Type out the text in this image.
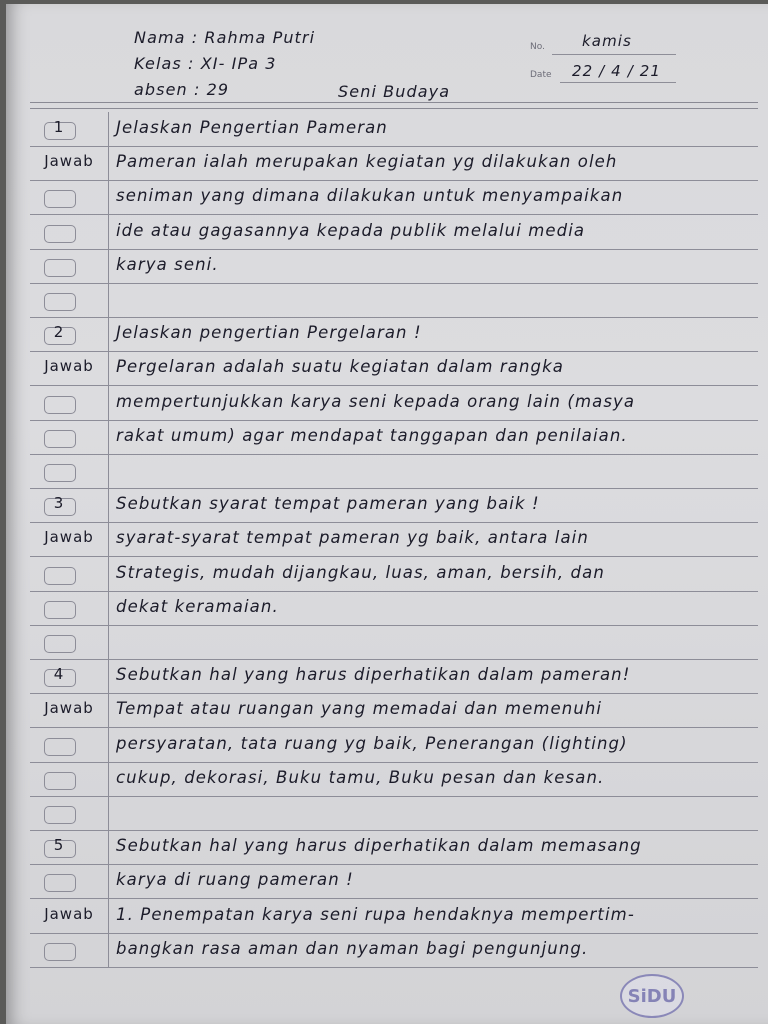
Nama : Rahma Putri
Kelas : XI- IPa 3
absen : 29	Seni Budaya
No. kamis
Date 22 / 4 / 21
1	Jelaskan Pengertian Pameran
Jawab	Pameran ialah merupakan kegiatan yg dilakukan oleh
seniman yang dimana dilakukan untuk menyampaikan
ide atau gagasannya kepada publik melalui media
karya seni.
2	Jelaskan pengertian Pergelaran !
Jawab	Pergelaran adalah suatu kegiatan dalam rangka
mempertunjukkan karya seni kepada orang lain (masya
rakat umum) agar mendapat tanggapan dan penilaian.
3	Sebutkan syarat tempat pameran yang baik !
Jawab	syarat-syarat tempat pameran yg baik, antara lain
Strategis, mudah dijangkau, luas, aman, bersih, dan
dekat keramaian.
4	Sebutkan hal yang harus diperhatikan dalam pameran!
Jawab	Tempat atau ruangan yang memadai dan memenuhi
persyaratan, tata ruang yg baik, Penerangan (lighting)
cukup, dekorasi, Buku tamu, Buku pesan dan kesan.
5	Sebutkan hal yang harus diperhatikan dalam memasang
karya di ruang pameran !
Jawab	1. Penempatan karya seni rupa hendaknya mempertim-
bangkan rasa aman dan nyaman bagi pengunjung.
SiDU
